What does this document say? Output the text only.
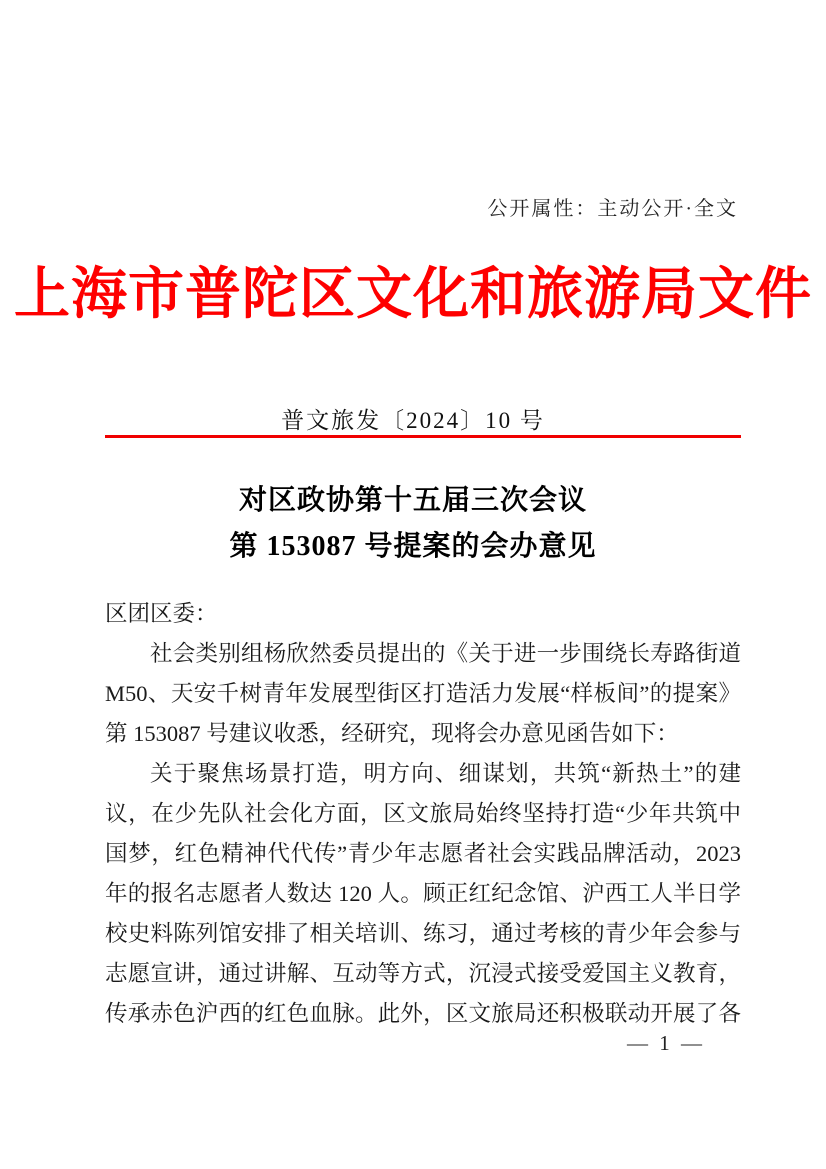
公开属性：主动公开·全文
上海市普陀区文化和旅游局文件
普文旅发〔2024〕10 号
对区政协第十五届三次会议
第 153087 号提案的会办意见
区团区委：
社会类别组杨欣然委员提出的《关于进一步围绕长寿路街道
M50、天安千树青年发展型街区打造活力发展“样板间”的提案》
第 153087 号建议收悉，经研究，现将会办意见函告如下：
关于聚焦场景打造，明方向、细谋划，共筑“新热土”的建
议，在少先队社会化方面，区文旅局始终坚持打造“少年共筑中
国梦，红色精神代代传”青少年志愿者社会实践品牌活动，2023
年的报名志愿者人数达 120 人。顾正红纪念馆、沪西工人半日学
校史料陈列馆安排了相关培训、练习，通过考核的青少年会参与
志愿宣讲，通过讲解、互动等方式，沉浸式接受爱国主义教育，
传承赤色沪西的红色血脉。此外，区文旅局还积极联动开展了各
— 1 —
